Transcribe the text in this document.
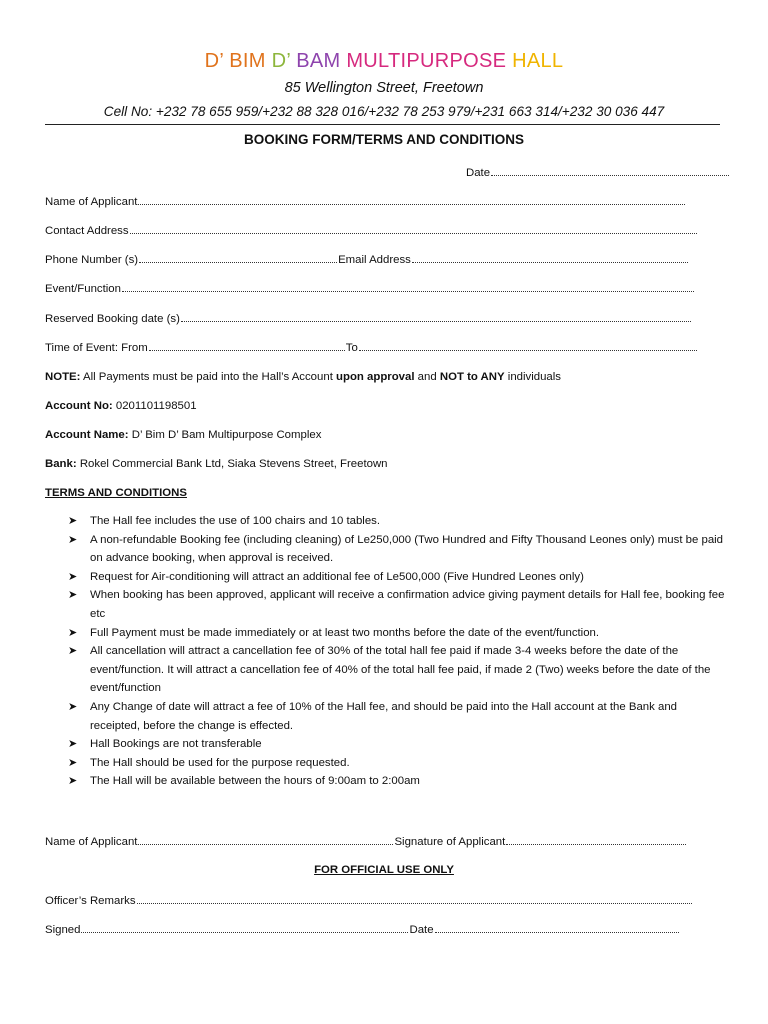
D’ BIM D’ BAM MULTIPURPOSE HALL
85 Wellington Street, Freetown
Cell No: +232 78 655 959/+232 88 328 016/+232 78 253 979/+231 663 314/+232 30 036 447
BOOKING FORM/TERMS AND CONDITIONS
Date
Name of Applicant
Contact Address
Phone Number (s)	Email Address
Event/Function
Reserved Booking date (s)
Time of Event: From	To
NOTE: All Payments must be paid into the Hall’s Account upon approval and NOT to ANY individuals
Account No: 0201101198501
Account Name: D’ Bim D’ Bam Multipurpose Complex
Bank: Rokel Commercial Bank Ltd, Siaka Stevens Street, Freetown
TERMS AND CONDITIONS
➤ The Hall fee includes the use of 100 chairs and 10 tables.
➤ A non-refundable Booking fee (including cleaning) of Le250,000 (Two Hundred and Fifty Thousand Leones only) must be paid on advance booking, when approval is received.
➤ Request for Air-conditioning will attract an additional fee of Le500,000 (Five Hundred Leones only)
➤ When booking has been approved, applicant will receive a confirmation advice giving payment details for Hall fee, booking fee etc
➤ Full Payment must be made immediately or at least two months before the date of the event/function.
➤ All cancellation will attract a cancellation fee of 30% of the total hall fee paid if made 3-4 weeks before the date of the event/function. It will attract a cancellation fee of 40% of the total hall fee paid, if made 2 (Two) weeks before the date of the event/function
➤ Any Change of date will attract a fee of 10% of the Hall fee, and should be paid into the Hall account at the Bank and receipted, before the change is effected.
➤ Hall Bookings are not transferable
➤ The Hall should be used for the purpose requested.
➤ The Hall will be available between the hours of 9:00am to 2:00am
Name of Applicant	Signature of Applicant
FOR OFFICIAL USE ONLY
Officer’s Remarks
Signed	Date
